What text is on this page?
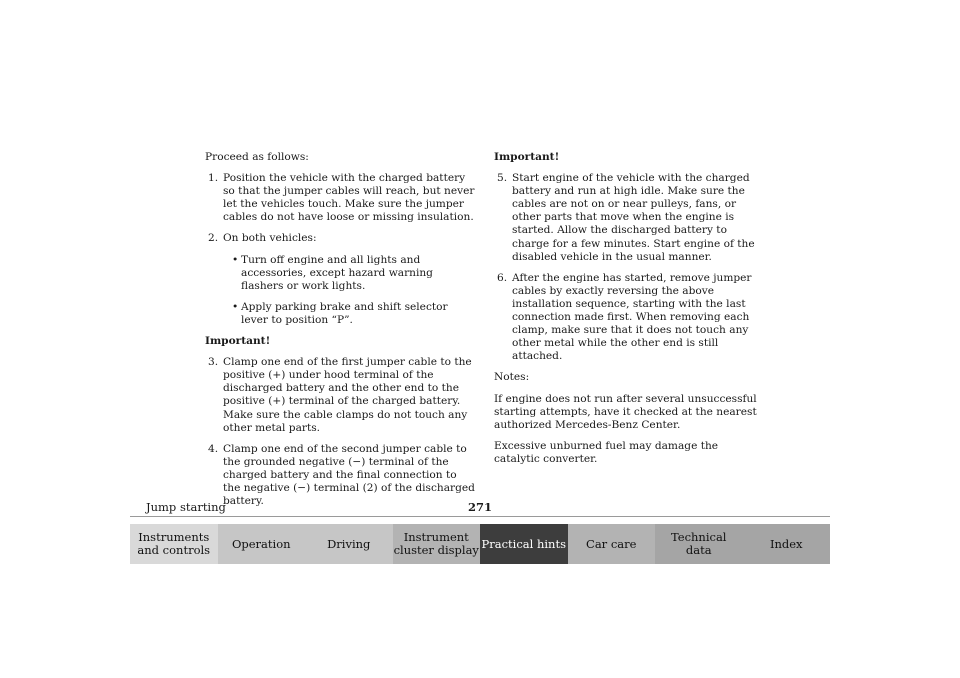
Proceed as follows:

1. Position the vehicle with the charged battery so that the jumper cables will reach, but never let the vehicles touch. Make sure the jumper cables do not have loose or missing insulation.
2. On both vehicles:
• Turn off engine and all lights and accessories, except hazard warning flashers or work lights.
• Apply parking brake and shift selector lever to position “P”.

Important!

3. Clamp one end of the first jumper cable to the positive (+) under hood terminal of the discharged battery and the other end to the positive (+) terminal of the charged battery. Make sure the cable clamps do not touch any other metal parts.
4. Clamp one end of the second jumper cable to the grounded negative (−) terminal of the charged battery and the final connection to the negative (−) terminal (2) of the discharged battery.

Important!

5. Start engine of the vehicle with the charged battery and run at high idle. Make sure the cables are not on or near pulleys, fans, or other parts that move when the engine is started. Allow the discharged battery to charge for a few minutes. Start engine of the disabled vehicle in the usual manner.
6. After the engine has started, remove jumper cables by exactly reversing the above installation sequence, starting with the last connection made first. When removing each clamp, make sure that it does not touch any other metal while the other end is still attached.

Notes:

If engine does not run after several unsuccessful starting attempts, have it checked at the nearest authorized Mercedes-Benz Center.

Excessive unburned fuel may damage the catalytic converter.

Jump starting	271
Instruments
and controls	Operation	Driving	Instrument
cluster display Practical hints	Car care	Technical
data	Index
